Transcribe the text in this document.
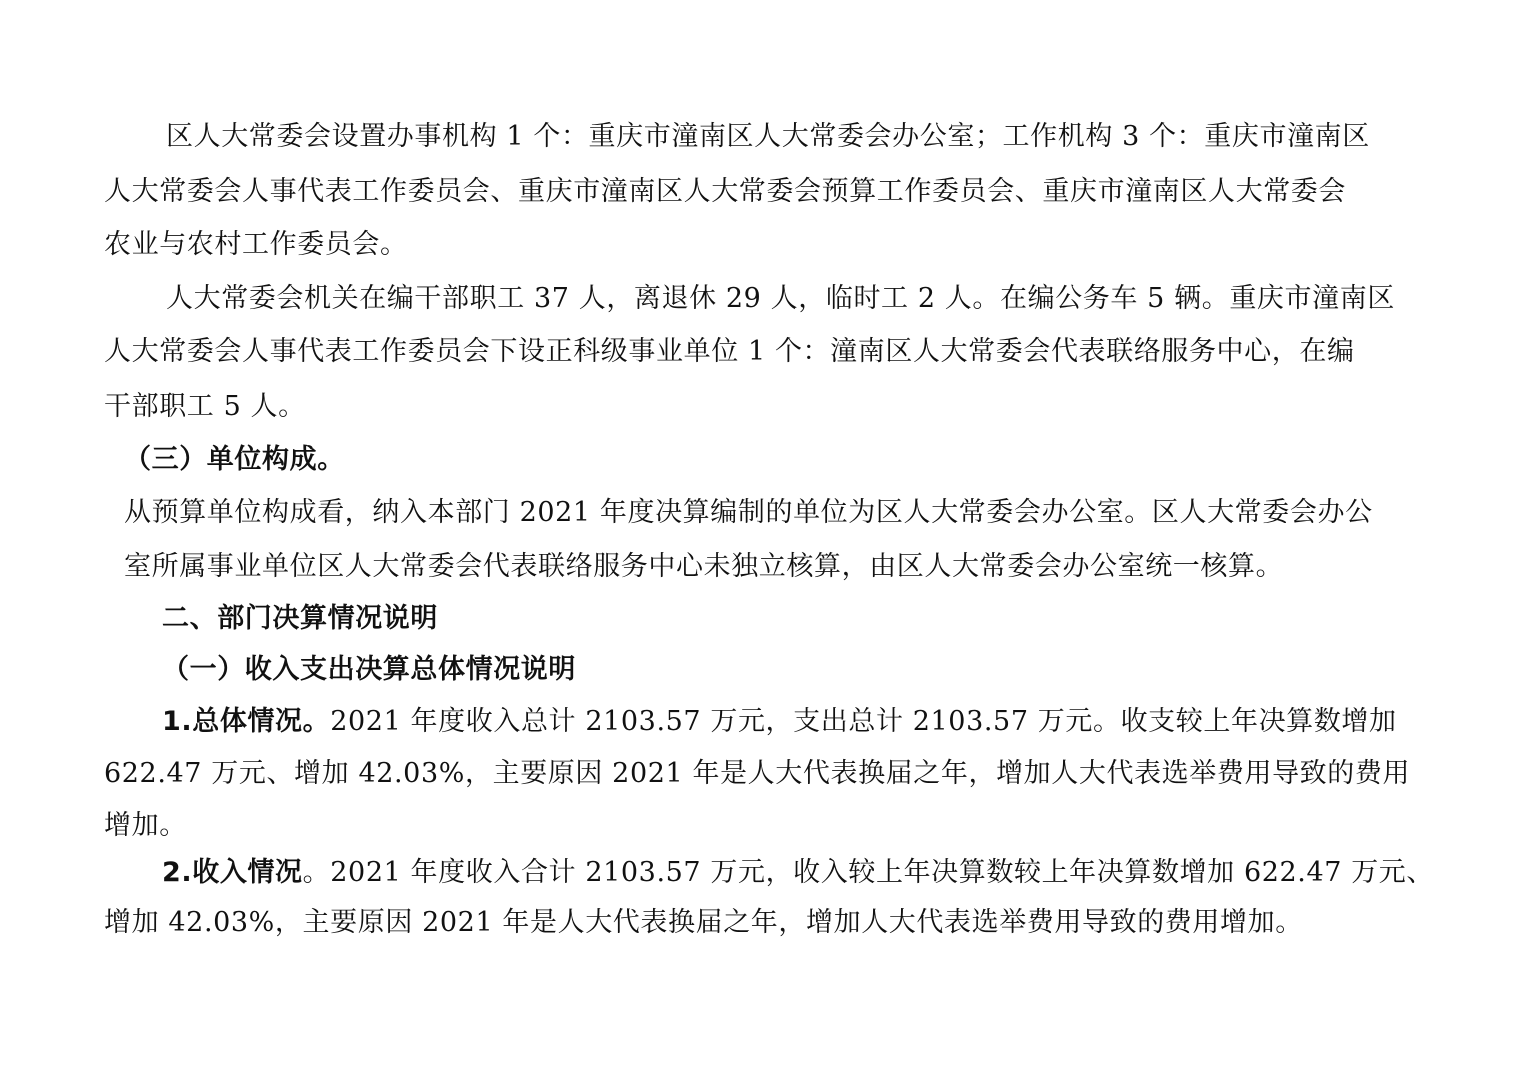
区人大常委会设置办事机构 1 个：重庆市潼南区人大常委会办公室；工作机构 3 个：重庆市潼南区

人大常委会人事代表工作委员会、重庆市潼南区人大常委会预算工作委员会、重庆市潼南区人大常委会

农业与农村工作委员会。

人大常委会机关在编干部职工 37 人，离退休 29 人，临时工 2 人。在编公务车 5 辆。重庆市潼南区

人大常委会人事代表工作委员会下设正科级事业单位 1 个：潼南区人大常委会代表联络服务中心，在编

干部职工 5 人。

（三）单位构成。

从预算单位构成看，纳入本部门 2021 年度决算编制的单位为区人大常委会办公室。区人大常委会办公

室所属事业单位区人大常委会代表联络服务中心未独立核算，由区人大常委会办公室统一核算。

二、部门决算情况说明

（一）收入支出决算总体情况说明

1.总体情况。2021 年度收入总计 2103.57 万元，支出总计 2103.57 万元。收支较上年决算数增加

622.47 万元、增加 42.03%，主要原因 2021 年是人大代表换届之年，增加人大代表选举费用导致的费用

增加。

2.收入情况。2021 年度收入合计 2103.57 万元，收入较上年决算数较上年决算数增加 622.47 万元、

增加 42.03%，主要原因 2021 年是人大代表换届之年，增加人大代表选举费用导致的费用增加。
